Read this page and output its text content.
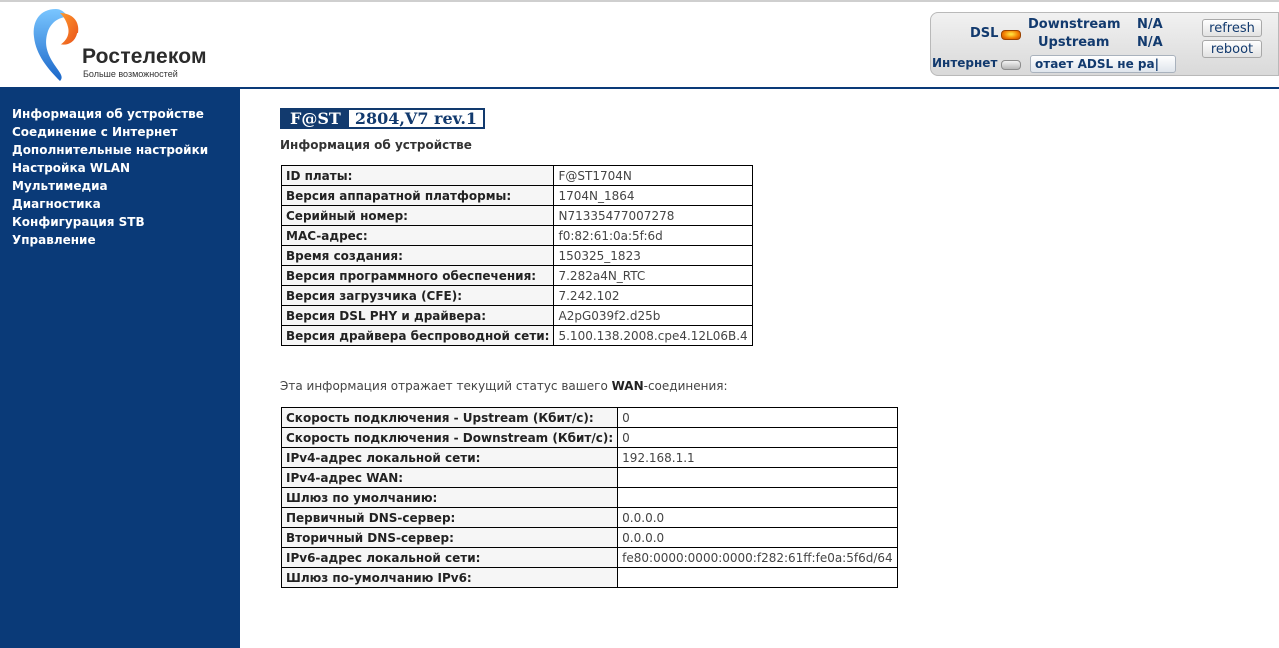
Ростелеком
Больше возможностей
DSL
Downstream N/A
Upstream N/A
Интернет	отает ADSL не ра|
refresh
reboot
Информация об устройстве
Соединение с Интернет
Дополнительные настройки
Настройка WLAN
Мультимедиа
Диагностика
Конфигурация STB
Управление
F@ST 2804,V7 rev.1
Информация об устройстве
ID платы:	F@ST1704N
Версия аппаратной платформы:	1704N_1864
Серийный номер:	N71335477007278
MAC-адрес:	f0:82:61:0a:5f:6d
Время создания:	150325_1823
Версия программного обеспечения:	7.282a4N_RTC
Версия загрузчика (CFE):	7.242.102
Версия DSL PHY и драйвера:	A2pG039f2.d25b
Версия драйвера беспроводной сети:	5.100.138.2008.cpe4.12L06B.4
Эта информация отражает текущий статус вашего WAN-соединения:
Скорость подключения - Upstream (Кбит/с):	0
Скорость подключения - Downstream (Кбит/с):	0
IPv4-адрес локальной сети:	192.168.1.1
IPv4-адрес WAN:	
Шлюз по умолчанию:	
Первичный DNS-сервер:	0.0.0.0
Вторичный DNS-сервер:	0.0.0.0
IPv6-адрес локальной сети:	fe80:0000:0000:0000:f282:61ff:fe0a:5f6d/64
Шлюз по-умолчанию IPv6:	
